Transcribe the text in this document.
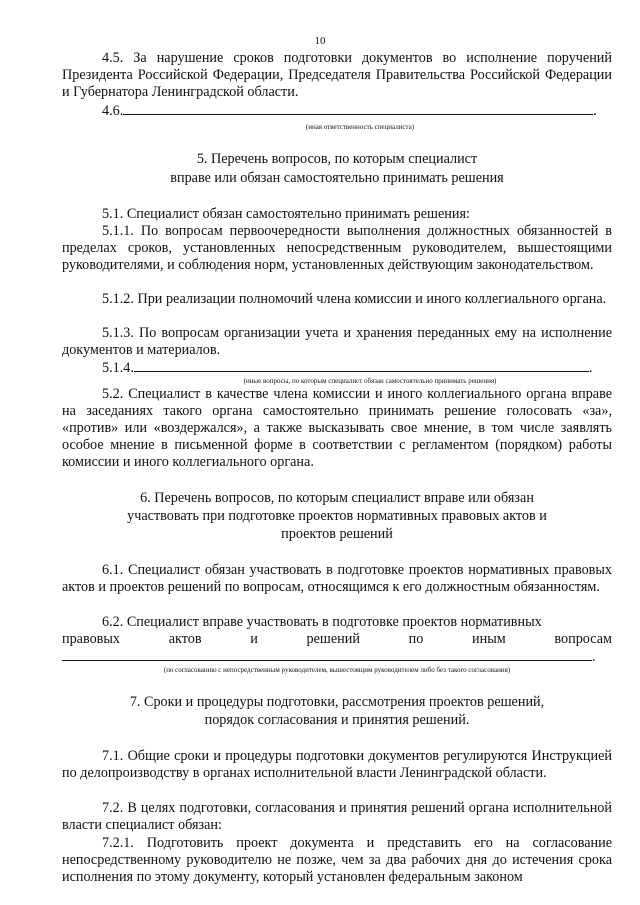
10
4.5. За нарушение сроков подготовки документов во исполнение поручений Президента Российской Федерации, Председателя Правительства Российской Федерации и Губернатора Ленинградской области.
4.6.	.
(иная ответственность специалиста)
5. Перечень вопросов, по которым специалист
вправе или обязан самостоятельно принимать решения
5.1. Специалист обязан самостоятельно принимать решения:
5.1.1. По вопросам первоочередности выполнения должностных обязанностей в пределах сроков, установленных непосредственным руководителем, вышестоящими руководителями, и соблюдения норм, установленных действующим законодательством.
5.1.2. При реализации полномочий члена комиссии и иного коллегиального органа.
5.1.3. По вопросам организации учета и хранения переданных ему на исполнение документов и материалов.
5.1.4.	.
(иные вопросы, по которым специалист обязан самостоятельно принимать решения)
5.2. Специалист в качестве члена комиссии и иного коллегиального органа вправе на заседаниях такого органа самостоятельно принимать решение голосовать «за», «против» или «воздержался», а также высказывать свое мнение, в том числе заявлять особое мнение в письменной форме в соответствии с регламентом (порядком) работы комиссии и иного коллегиального органа.
6. Перечень вопросов, по которым специалист вправе или обязан
участвовать при подготовке проектов нормативных правовых актов и
проектов решений
6.1. Специалист обязан участвовать в подготовке проектов нормативных правовых актов и проектов решений по вопросам, относящимся к его должностным обязанностям.
6.2. Специалист вправе участвовать в подготовке проектов нормативных
правовых	актов	и	решений	по	иным	вопросам
.
(по согласованию с непосредственным руководителем, вышестоящим руководителем либо без такого согласования)
7. Сроки и процедуры подготовки, рассмотрения проектов решений,
порядок согласования и принятия решений.
7.1. Общие сроки и процедуры подготовки документов регулируются Инструкцией по делопроизводству в органах исполнительной власти Ленинградской области.
7.2. В целях подготовки, согласования и принятия решений органа исполнительной власти специалист обязан:
7.2.1. Подготовить проект документа и представить его на согласование непосредственному руководителю не позже, чем за два рабочих дня до истечения срока исполнения по этому документу, который установлен федеральным законом
